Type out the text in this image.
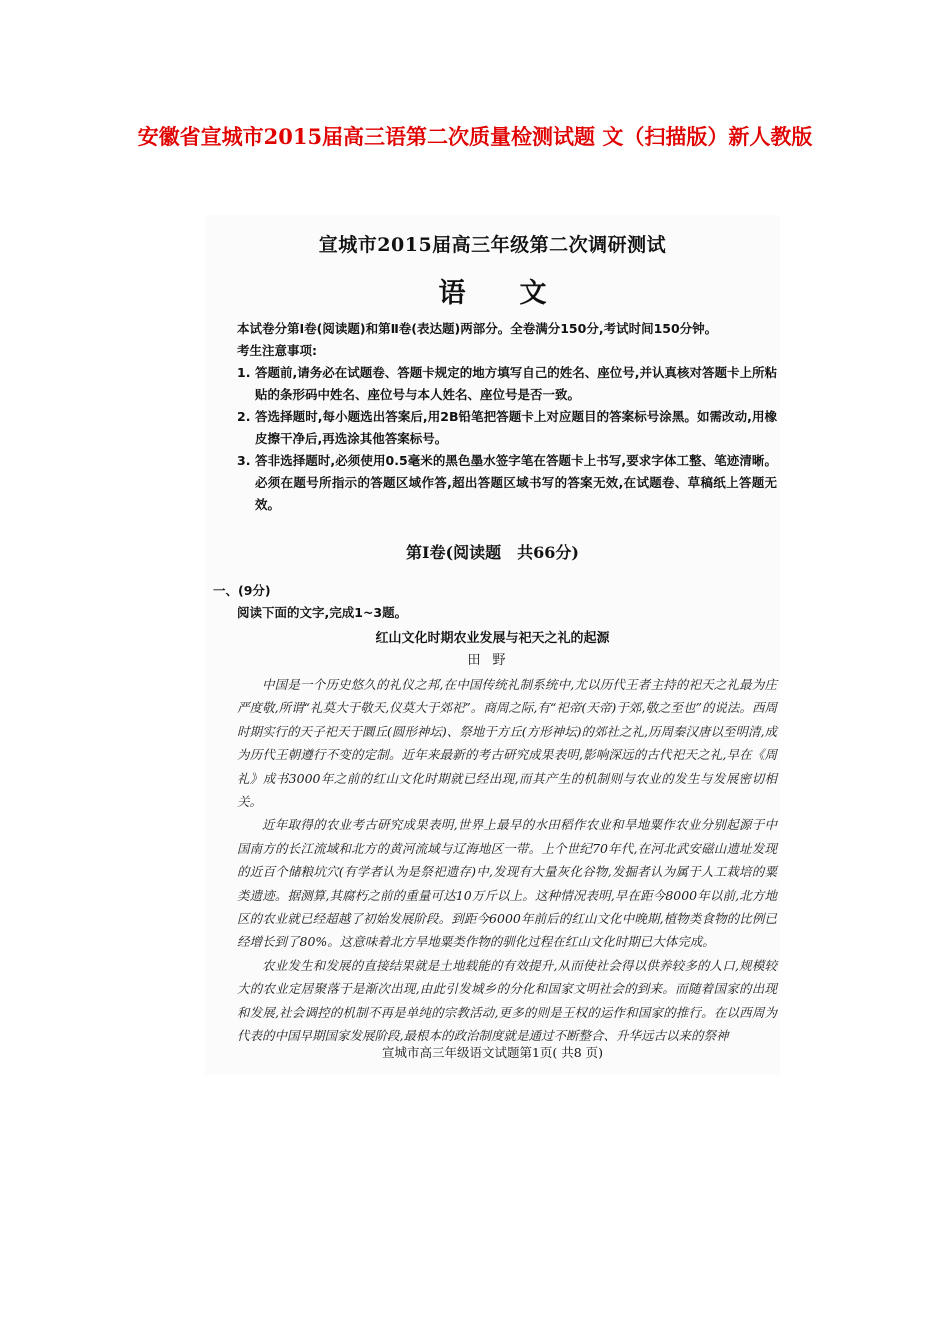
安徽省宣城市2015届高三语第二次质量检测试题 文（扫描版）新人教版
宣城市2015届高三年级第二次调研测试
语文

本试卷分第Ⅰ卷(阅读题)和第Ⅱ卷(表达题)两部分。全卷满分150分,考试时间150分钟。

考生注意事项:

1. 答题前,请务必在试题卷、答题卡规定的地方填写自己的姓名、座位号,并认真核对答题卡上所粘贴的条形码中姓名、座位号与本人姓名、座位号是否一致。
2. 答选择题时,每小题选出答案后,用2B铅笔把答题卡上对应题目的答案标号涂黑。如需改动,用橡皮擦干净后,再选涂其他答案标号。
3. 答非选择题时,必须使用0.5毫米的黑色墨水签字笔在答题卡上书写,要求字体工整、笔迹清晰。必须在题号所指示的答题区域作答,超出答题区域书写的答案无效,在试题卷、草稿纸上答题无效。
第Ⅰ卷(阅读题　共66分)

一、(9分)

阅读下面的文字,完成1~3题。

红山文化时期农业发展与祀天之礼的起源

田野

中国是一个历史悠久的礼仪之邦,在中国传统礼制系统中,尤以历代王者主持的祀天之礼最为庄严度敬,所谓“礼莫大于敬天,仪莫大于郊祀”。商周之际,有“祀帝(天帝)于郊,敬之至也”的说法。西周时期实行的天子祀天于圜丘(圆形神坛)、祭地于方丘(方形神坛)的郊社之礼,历周秦汉唐以至明清,成为历代王朝遵行不变的定制。近年来最新的考古研究成果表明,影响深远的古代祀天之礼,早在《周礼》成书3000年之前的红山文化时期就已经出现,而其产生的机制则与农业的发生与发展密切相关。

近年取得的农业考古研究成果表明,世界上最早的水田稻作农业和旱地粟作农业分别起源于中国南方的长江流域和北方的黄河流域与辽海地区一带。上个世纪70年代,在河北武安磁山遗址发现的近百个储粮坑穴(有学者认为是祭祀遗存)中,发现有大量灰化谷物,发掘者认为属于人工栽培的粟类遗迹。据测算,其腐朽之前的重量可达10万斤以上。这种情况表明,早在距今8000年以前,北方地区的农业就已经超越了初始发展阶段。到距今6000年前后的红山文化中晚期,植物类食物的比例已经增长到了80%。这意味着北方旱地粟类作物的驯化过程在红山文化时期已大体完成。

农业发生和发展的直接结果就是土地载能的有效提升,从而使社会得以供养较多的人口,规模较大的农业定居聚落于是渐次出现,由此引发城乡的分化和国家文明社会的到来。而随着国家的出现和发展,社会调控的机制不再是单纯的宗教活动,更多的则是王权的运作和国家的推行。在以西周为代表的中国早期国家发展阶段,最根本的政治制度就是通过不断整合、升华远古以来的祭神

宣城市高三年级语文试题第1页( 共8 页)
